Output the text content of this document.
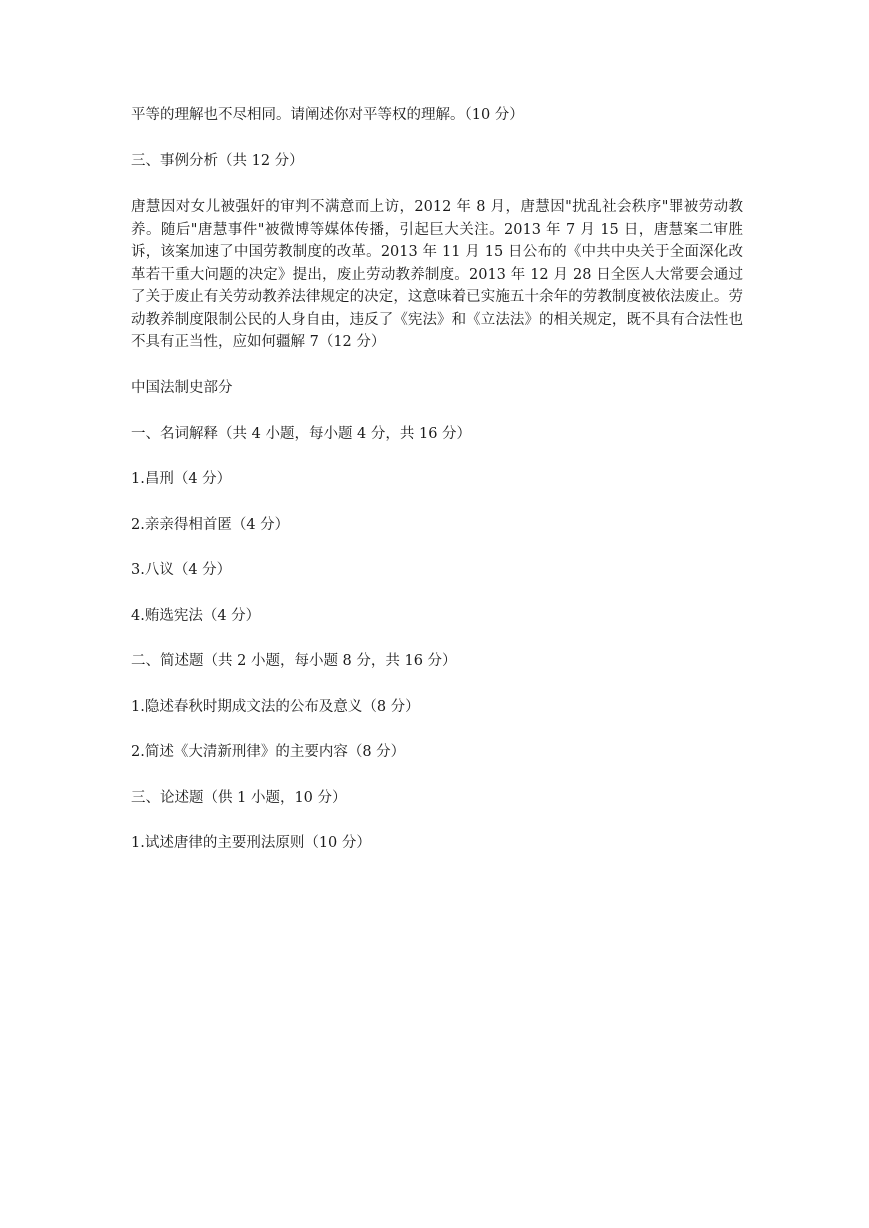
平等的理解也不尽相同。请阐述你对平等权的理解。（10 分）

三、事例分析（共 12 分）

唐慧因对女儿被强奸的审判不满意而上访，2012 年 8 月，唐慧因"扰乱社会秩序"罪被劳动教养。随后"唐慧事件"被微博等媒体传播，引起巨大关注。2013 年 7 月 15 日，唐慧案二审胜诉，该案加速了中国劳教制度的改革。2013 年 11 月 15 日公布的《中共中央关于全面深化改革若干重大问题的决定》提出，废止劳动教养制度。2013 年 12 月 28 日全医人大常要会通过了关于废止有关劳动教养法律规定的决定，这意味着已实施五十余年的劳教制度被依法废止。劳动教养制度限制公民的人身自由，违反了《宪法》和《立法法》的相关规定，既不具有合法性也不具有正当性，应如何疆解 7（12 分）

中国法制史部分

一、名词解释（共 4 小题，每小题 4 分，共 16 分）

1.昌刑（4 分）

2.亲亲得相首匿（4 分）

3.八议（4 分）

4.贿选宪法（4 分）

二、简述题（共 2 小题，每小题 8 分，共 16 分）

1.隐述春秋时期成文法的公布及意义（8 分）

2.简述《大清新刑律》的主要内容（8 分）

三、论述题（供 1 小题，10 分）

1.试述唐律的主要刑法原则（10 分）
